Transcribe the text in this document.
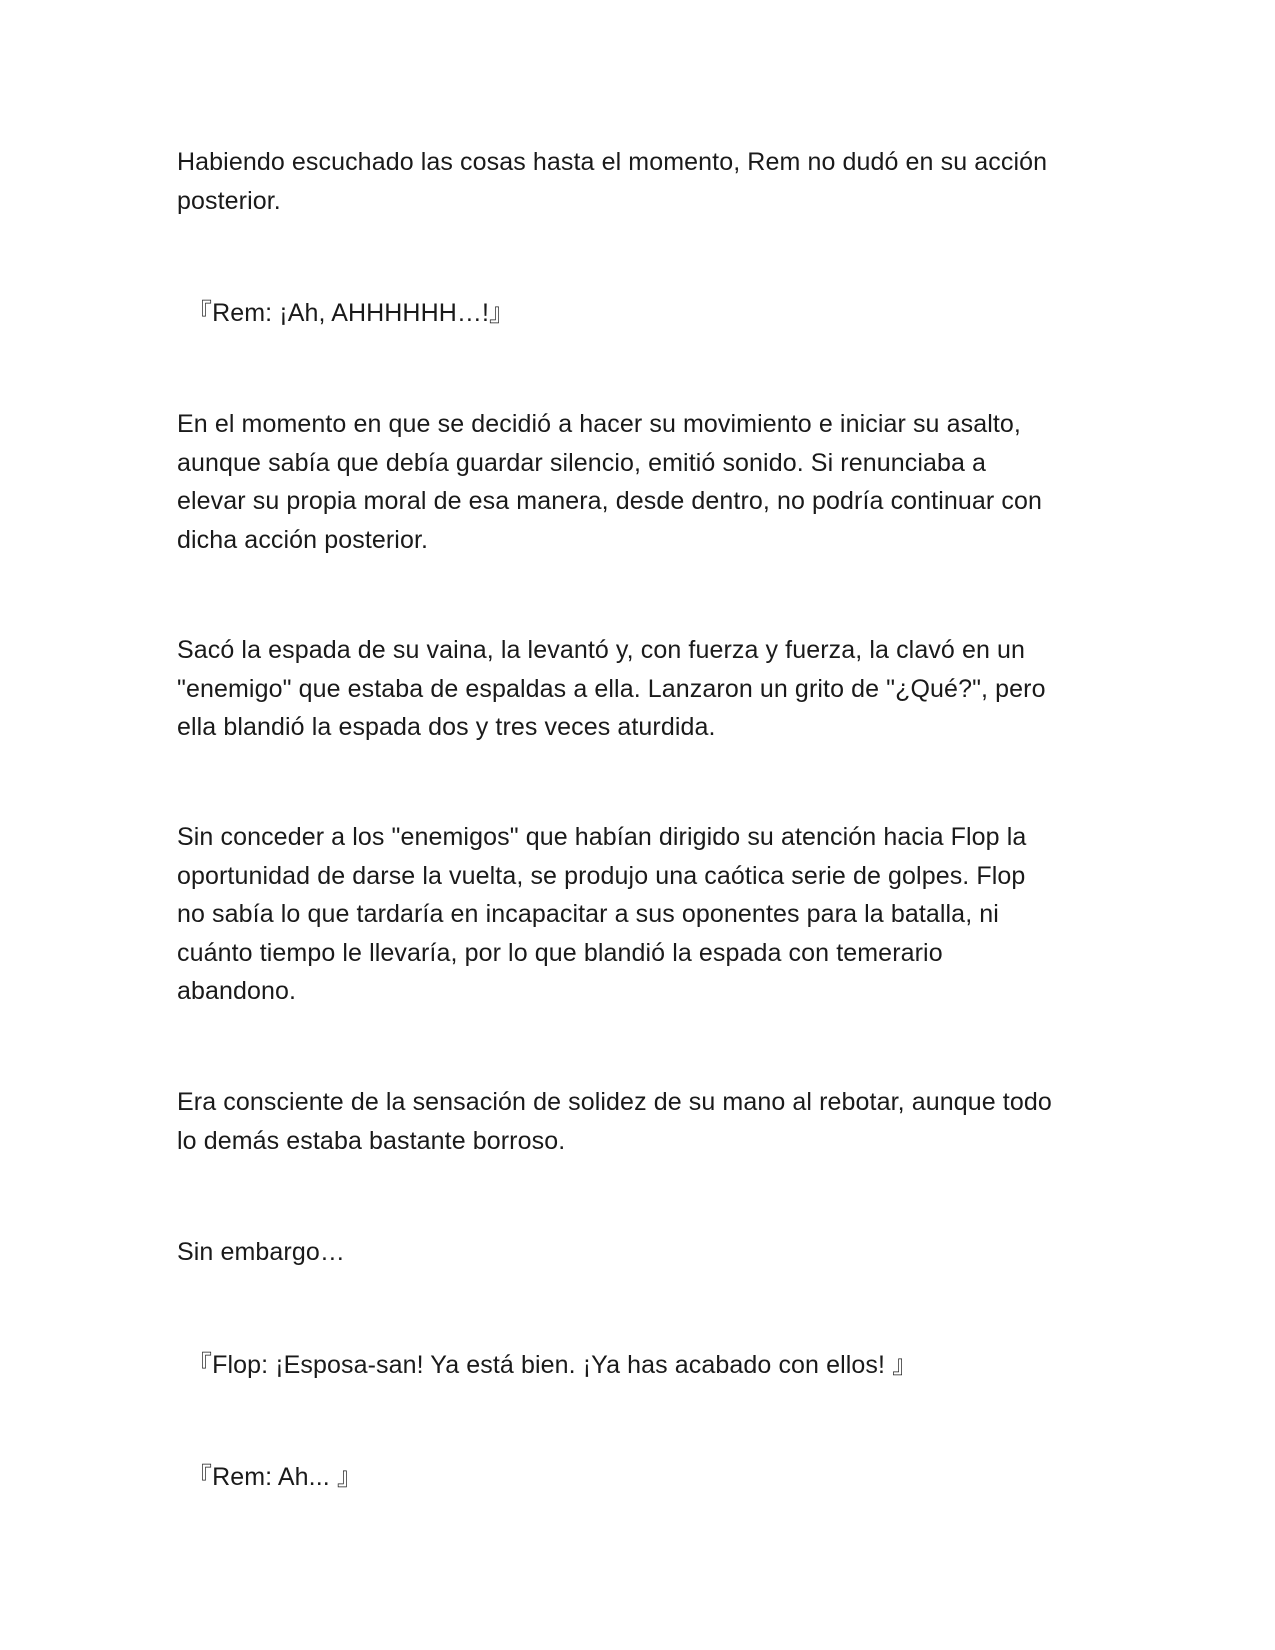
Habiendo escuchado las cosas hasta el momento, Rem no dudó en su acción
posterior.

『Rem: ¡Ah, AHHHHHH…!』

En el momento en que se decidió a hacer su movimiento e iniciar su asalto,
aunque sabía que debía guardar silencio, emitió sonido. Si renunciaba a
elevar su propia moral de esa manera, desde dentro, no podría continuar con
dicha acción posterior.

Sacó la espada de su vaina, la levantó y, con fuerza y fuerza, la clavó en un
"enemigo" que estaba de espaldas a ella. Lanzaron un grito de "¿Qué?", pero
ella blandió la espada dos y tres veces aturdida.

Sin conceder a los "enemigos" que habían dirigido su atención hacia Flop la
oportunidad de darse la vuelta, se produjo una caótica serie de golpes. Flop
no sabía lo que tardaría en incapacitar a sus oponentes para la batalla, ni
cuánto tiempo le llevaría, por lo que blandió la espada con temerario
abandono.

Era consciente de la sensación de solidez de su mano al rebotar, aunque todo
lo demás estaba bastante borroso.

Sin embargo…

『Flop: ¡Esposa-san! Ya está bien. ¡Ya has acabado con ellos! 』

『Rem: Ah... 』
